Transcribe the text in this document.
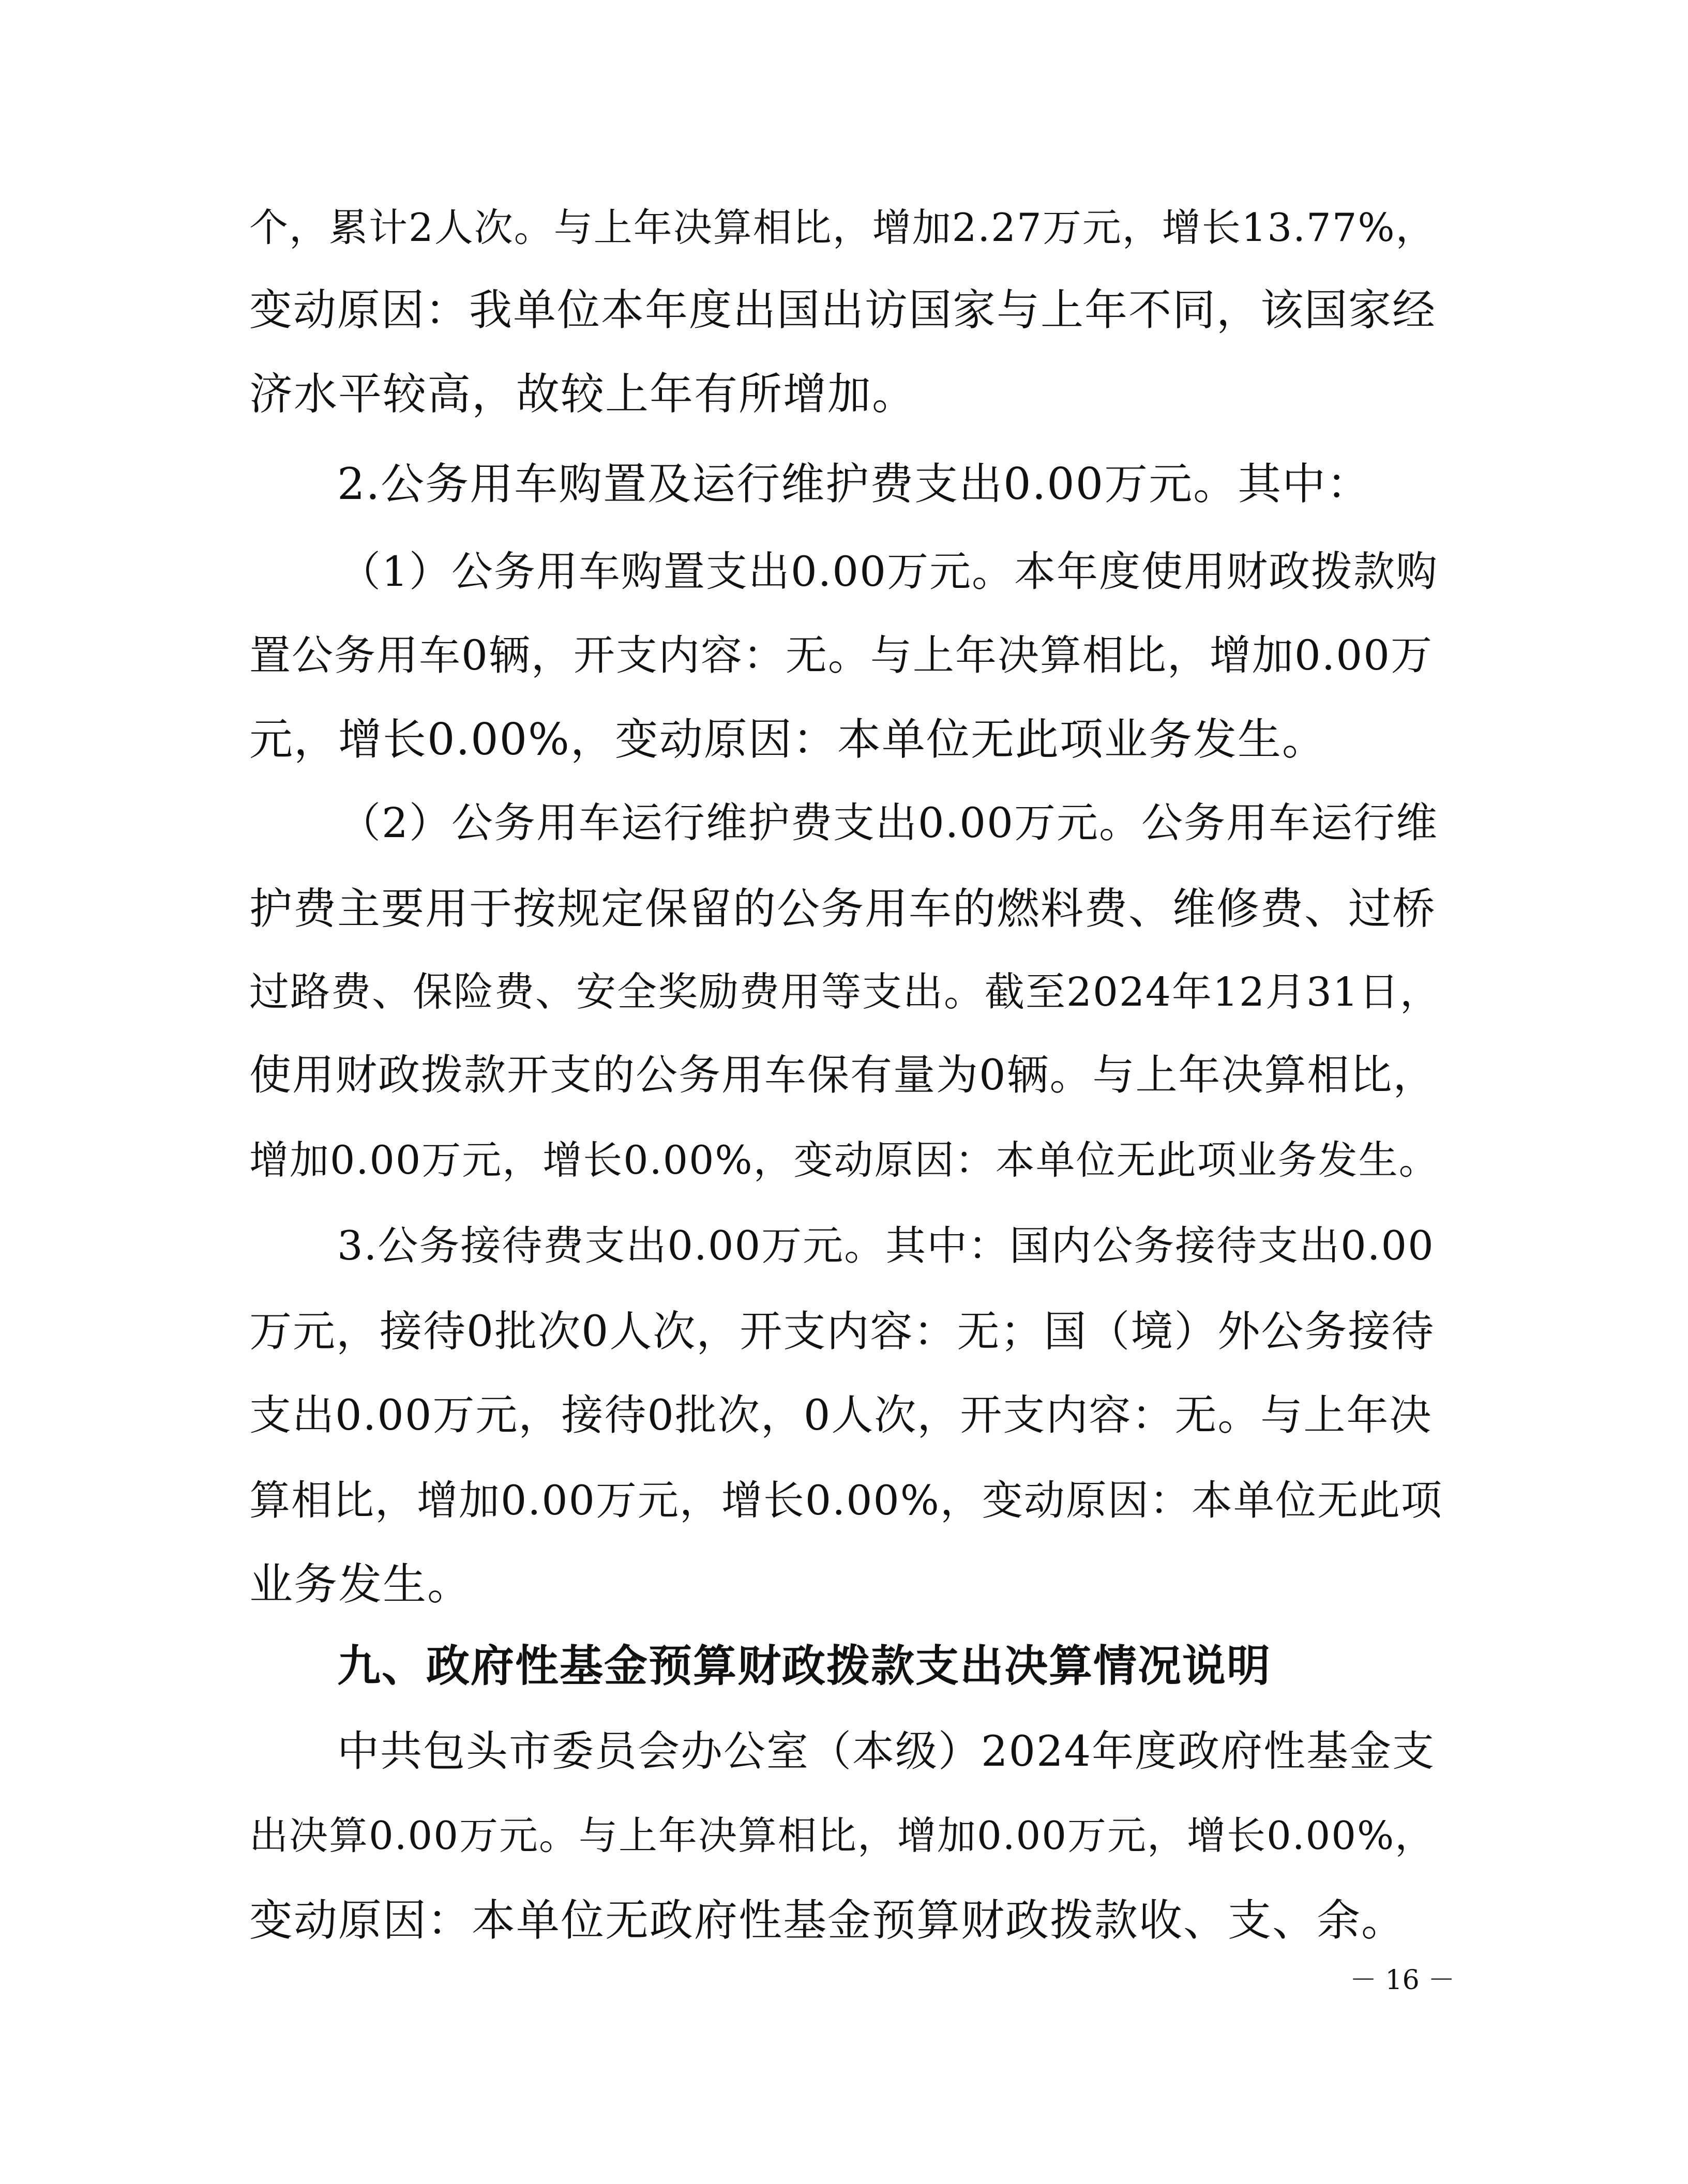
个，累计2人次。与上年决算相比，增加2.27万元，增长13.77%，
变动原因：我单位本年度出国出访国家与上年不同，该国家经
济水平较高，故较上年有所增加。
2.公务用车购置及运行维护费支出0.00万元。其中：
（1）公务用车购置支出0.00万元。本年度使用财政拨款购
置公务用车0辆，开支内容：无。与上年决算相比，增加0.00万
元，增长0.00%，变动原因：本单位无此项业务发生。
（2）公务用车运行维护费支出0.00万元。公务用车运行维
护费主要用于按规定保留的公务用车的燃料费、维修费、过桥
过路费、保险费、安全奖励费用等支出。截至2024年12月31日，
使用财政拨款开支的公务用车保有量为0辆。与上年决算相比，
增加0.00万元，增长0.00%，变动原因：本单位无此项业务发生。
3.公务接待费支出0.00万元。其中：国内公务接待支出0.00
万元，接待0批次0人次，开支内容：无；国（境）外公务接待
支出0.00万元，接待0批次，0人次，开支内容：无。与上年决
算相比，增加0.00万元，增长0.00%，变动原因：本单位无此项
业务发生。
九、政府性基金预算财政拨款支出决算情况说明
中共包头市委员会办公室（本级）2024年度政府性基金支
出决算0.00万元。与上年决算相比，增加0.00万元，增长0.00%，
变动原因：本单位无政府性基金预算财政拨款收、支、余。
－ 16 －
